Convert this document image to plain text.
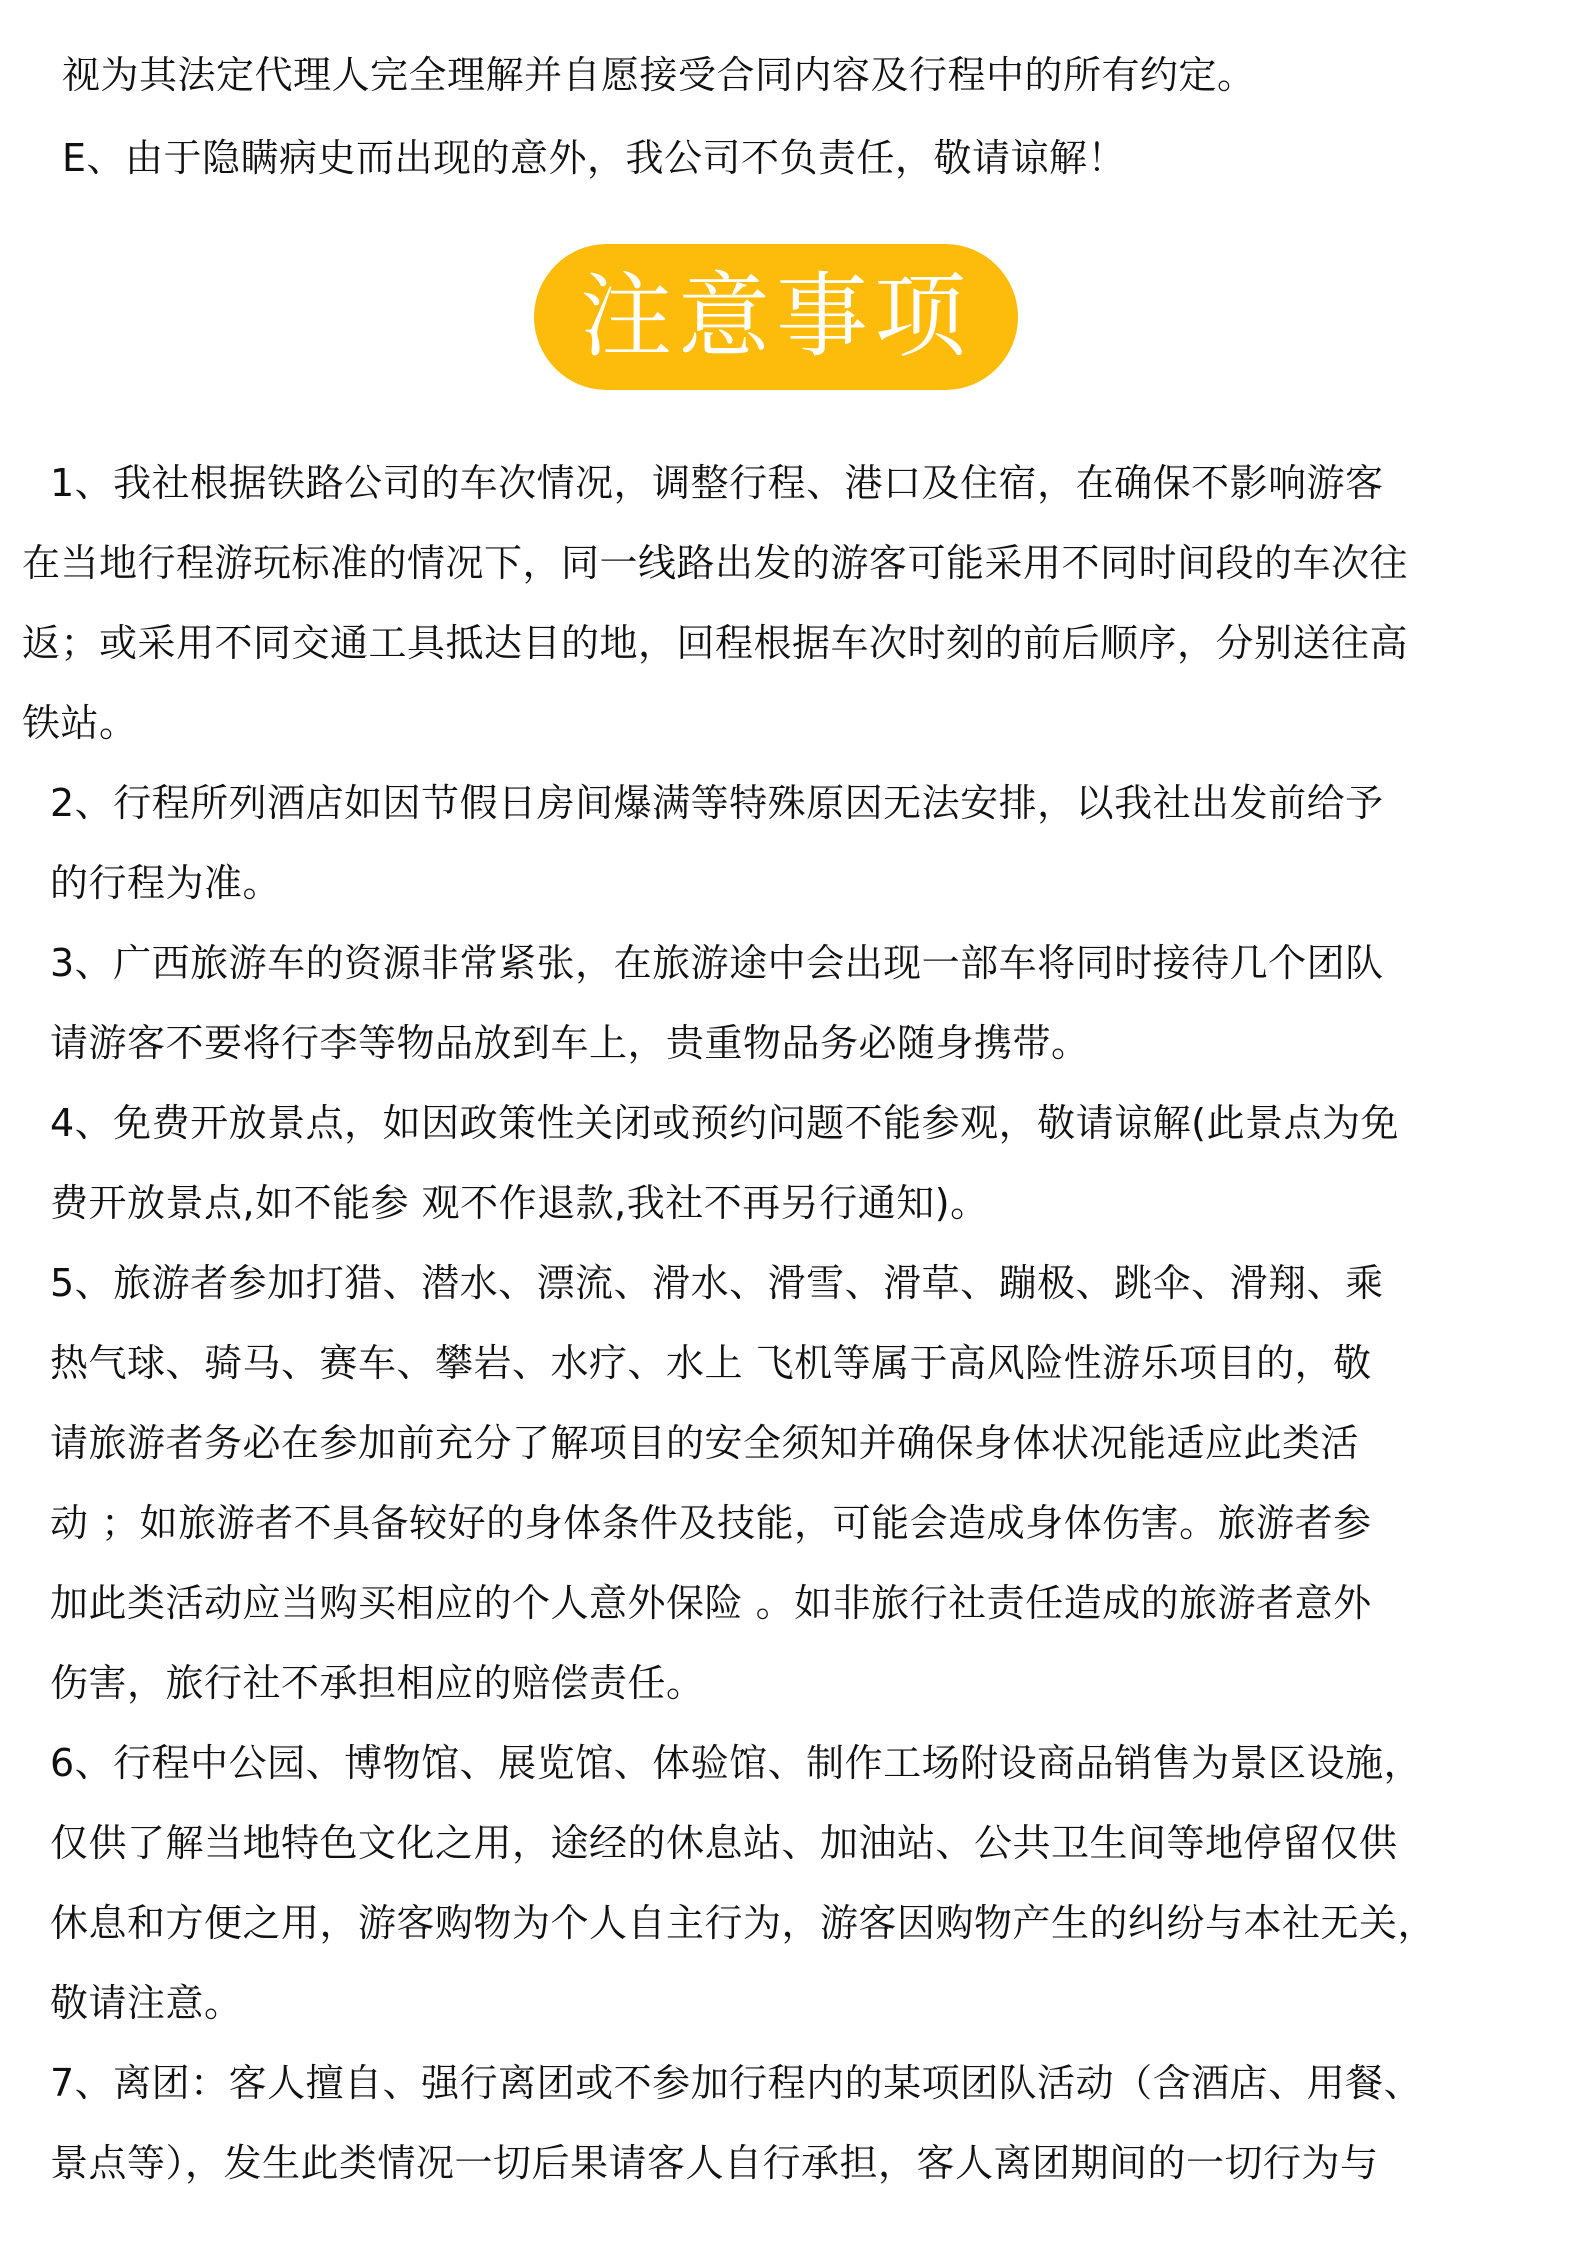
视为其法定代理人完全理解并自愿接受合同内容及行程中的所有约定。
E、由于隐瞒病史而出现的意外，我公司不负责任，敬请谅解！
注意事项
1、我社根据铁路公司的车次情况，调整行程、港口及住宿，在确保不影响游客
在当地行程游玩标准的情况下，同一线路出发的游客可能采用不同时间段的车次往
返；或采用不同交通工具抵达目的地，回程根据车次时刻的前后顺序，分别送往高
铁站。
2、行程所列酒店如因节假日房间爆满等特殊原因无法安排，以我社出发前给予
的行程为准。
3、广西旅游车的资源非常紧张，在旅游途中会出现一部车将同时接待几个团队
请游客不要将行李等物品放到车上，贵重物品务必随身携带。
4、免费开放景点，如因政策性关闭或预约问题不能参观，敬请谅解(此景点为免
费开放景点,如不能参 观不作退款,我社不再另行通知)。
5、旅游者参加打猎、潜水、漂流、滑水、滑雪、滑草、蹦极、跳伞、滑翔、乘
热气球、骑马、赛车、攀岩、水疗、水上 飞机等属于高风险性游乐项目的，敬
请旅游者务必在参加前充分了解项目的安全须知并确保身体状况能适应此类活
动 ；如旅游者不具备较好的身体条件及技能，可能会造成身体伤害。旅游者参
加此类活动应当购买相应的个人意外保险 。如非旅行社责任造成的旅游者意外
伤害，旅行社不承担相应的赔偿责任。
6、行程中公园、博物馆、展览馆、体验馆、制作工场附设商品销售为景区设施，
仅供了解当地特色文化之用，途经的休息站、加油站、公共卫生间等地停留仅供
休息和方便之用，游客购物为个人自主行为，游客因购物产生的纠纷与本社无关，
敬请注意。
7、离团：客人擅自、强行离团或不参加行程内的某项团队活动（含酒店、用餐、
景点等），发生此类情况一切后果请客人自行承担，客人离团期间的一切行为与
